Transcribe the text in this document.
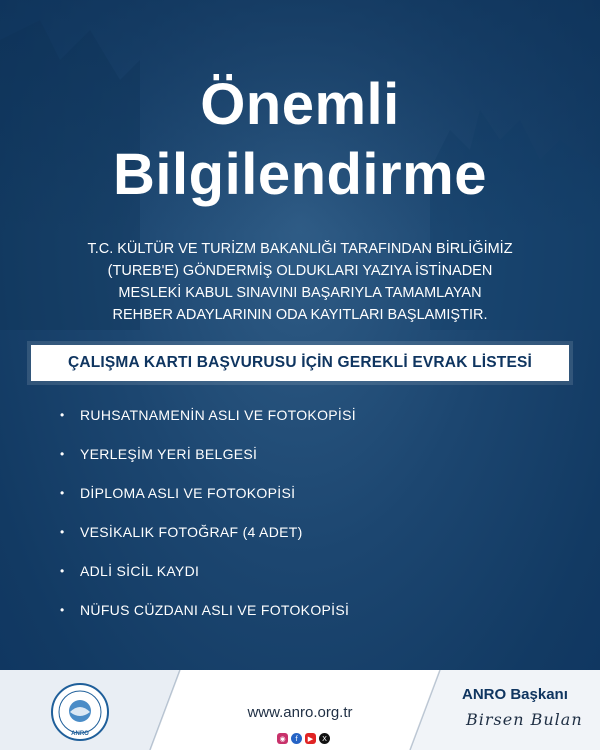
Önemli
Bilgilendirme
T.C. KÜLTÜR VE TURİZM BAKANLIĞI TARAFINDAN BİRLİĞİMİZ
(TUREB'E) GÖNDERMİŞ OLDUKLARI YAZIYA İSTİNADEN
MESLEKİ KABUL SINAVINI BAŞARIYLA TAMAMLAYAN
REHBER ADAYLARININ ODA KAYITLARI BAŞLAMIŞTIR.
ÇALIŞMA KARTI BAŞVURUSU İÇİN GEREKLİ EVRAK LİSTESİ
•	RUHSATNAMENİN ASLI VE FOTOKOPİSİ
•	YERLEŞİM YERİ BELGESİ
•	DİPLOMA ASLI VE FOTOKOPİSİ
•	VESİKALIK FOTOĞRAF (4 ADET)
•	ADLİ SİCİL KAYDI
•	NÜFUS CÜZDANI ASLI VE FOTOKOPİSİ
ANRO
www.anro.org.tr
◉	f	▶	X
ANRO Başkanı
Birsen Bulan
